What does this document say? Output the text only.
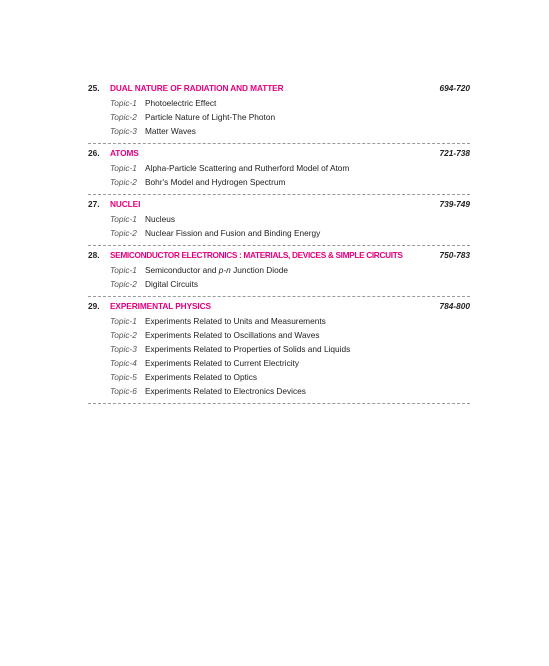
25.	DUAL NATURE OF RADIATION AND MATTER	694-720
Topic-1 Photoelectric Effect
Topic-2 Particle Nature of Light-The Photon
Topic-3 Matter Waves
26.	ATOMS	721-738
Topic-1 Alpha-Particle Scattering and Rutherford Model of Atom
Topic-2 Bohr's Model and Hydrogen Spectrum
27.	NUCLEI	739-749
Topic-1 Nucleus
Topic-2 Nuclear Fission and Fusion and Binding Energy
28.	SEMICONDUCTOR ELECTRONICS : MATERIALS, DEVICES & SIMPLE CIRCUITS	750-783
Topic-1 Semiconductor and p-n Junction Diode
Topic-2 Digital Circuits
29.	EXPERIMENTAL PHYSICS	784-800
Topic-1 Experiments Related to Units and Measurements
Topic-2 Experiments Related to Oscillations and Waves
Topic-3 Experiments Related to Properties of Solids and Liquids
Topic-4 Experiments Related to Current Electricity
Topic-5 Experiments Related to Optics
Topic-6 Experiments Related to Electronics Devices
